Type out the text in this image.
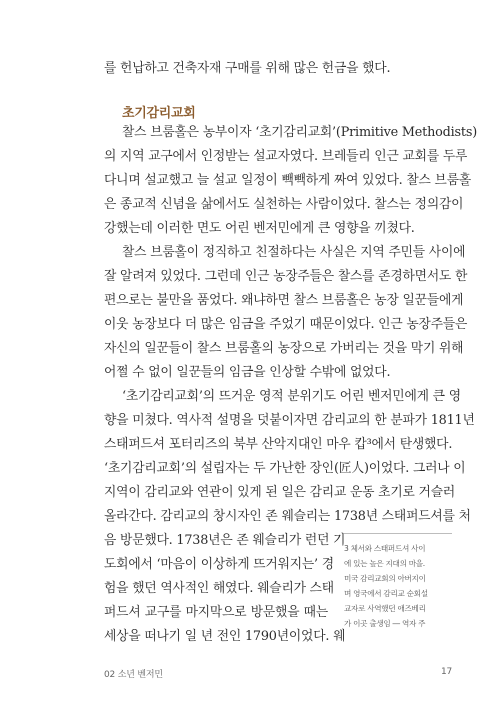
를 헌납하고 건축자재 구매를 위해 많은 헌금을 했다.
초기감리교회
찰스 브룸홀은 농부이자 ‘초기감리교회’(Primitive Methodists)
의 지역 교구에서 인정받는 설교자였다. 브레들리 인근 교회를 두루
다니며 설교했고 늘 설교 일정이 빽빽하게 짜여 있었다. 찰스 브룸홀
은 종교적 신념을 삶에서도 실천하는 사람이었다. 찰스는 정의감이
강했는데 이러한 면도 어린 벤저민에게 큰 영향을 끼쳤다.
찰스 브룸홀이 정직하고 친절하다는 사실은 지역 주민들 사이에
잘 알려져 있었다. 그런데 인근 농장주들은 찰스를 존경하면서도 한
편으로는 불만을 품었다. 왜냐하면 찰스 브룸홀은 농장 일꾼들에게
이웃 농장보다 더 많은 임금을 주었기 때문이었다. 인근 농장주들은
자신의 일꾼들이 찰스 브룸홀의 농장으로 가버리는 것을 막기 위해
어쩔 수 없이 일꾼들의 임금을 인상할 수밖에 없었다.
‘초기감리교회’의 뜨거운 영적 분위기도 어린 벤저민에게 큰 영
향을 미쳤다. 역사적 설명을 덧붙이자면 감리교의 한 분파가 1811년
스태퍼드셔 포터리즈의 북부 산악지대인 마우 캅³에서 탄생했다.
‘초기감리교회’의 설립자는 두 가난한 장인(匠人)이었다. 그러나 이
지역이 감리교와 연관이 있게 된 일은 감리교 운동 초기로 거슬러
올라간다. 감리교의 창시자인 존 웨슬리는 1738년 스태퍼드셔를 처
음 방문했다. 1738년은 존 웨슬리가 런던 기
도회에서 ‘마음이 이상하게 뜨거워지는’ 경
험을 했던 역사적인 해였다. 웨슬리가 스태
퍼드셔 교구를 마지막으로 방문했을 때는
세상을 떠나기 일 년 전인 1790년이었다. 웨
3 체서와 스태퍼드셔 사이
에 있는 높은 지대의 마을.
미국 감리교회의 아버지이
며 영국에서 감리교 순회설
교자로 사역했던 애즈베리
가 이곳 출생임 ― 역자 주
02 소년 벤저민	17
